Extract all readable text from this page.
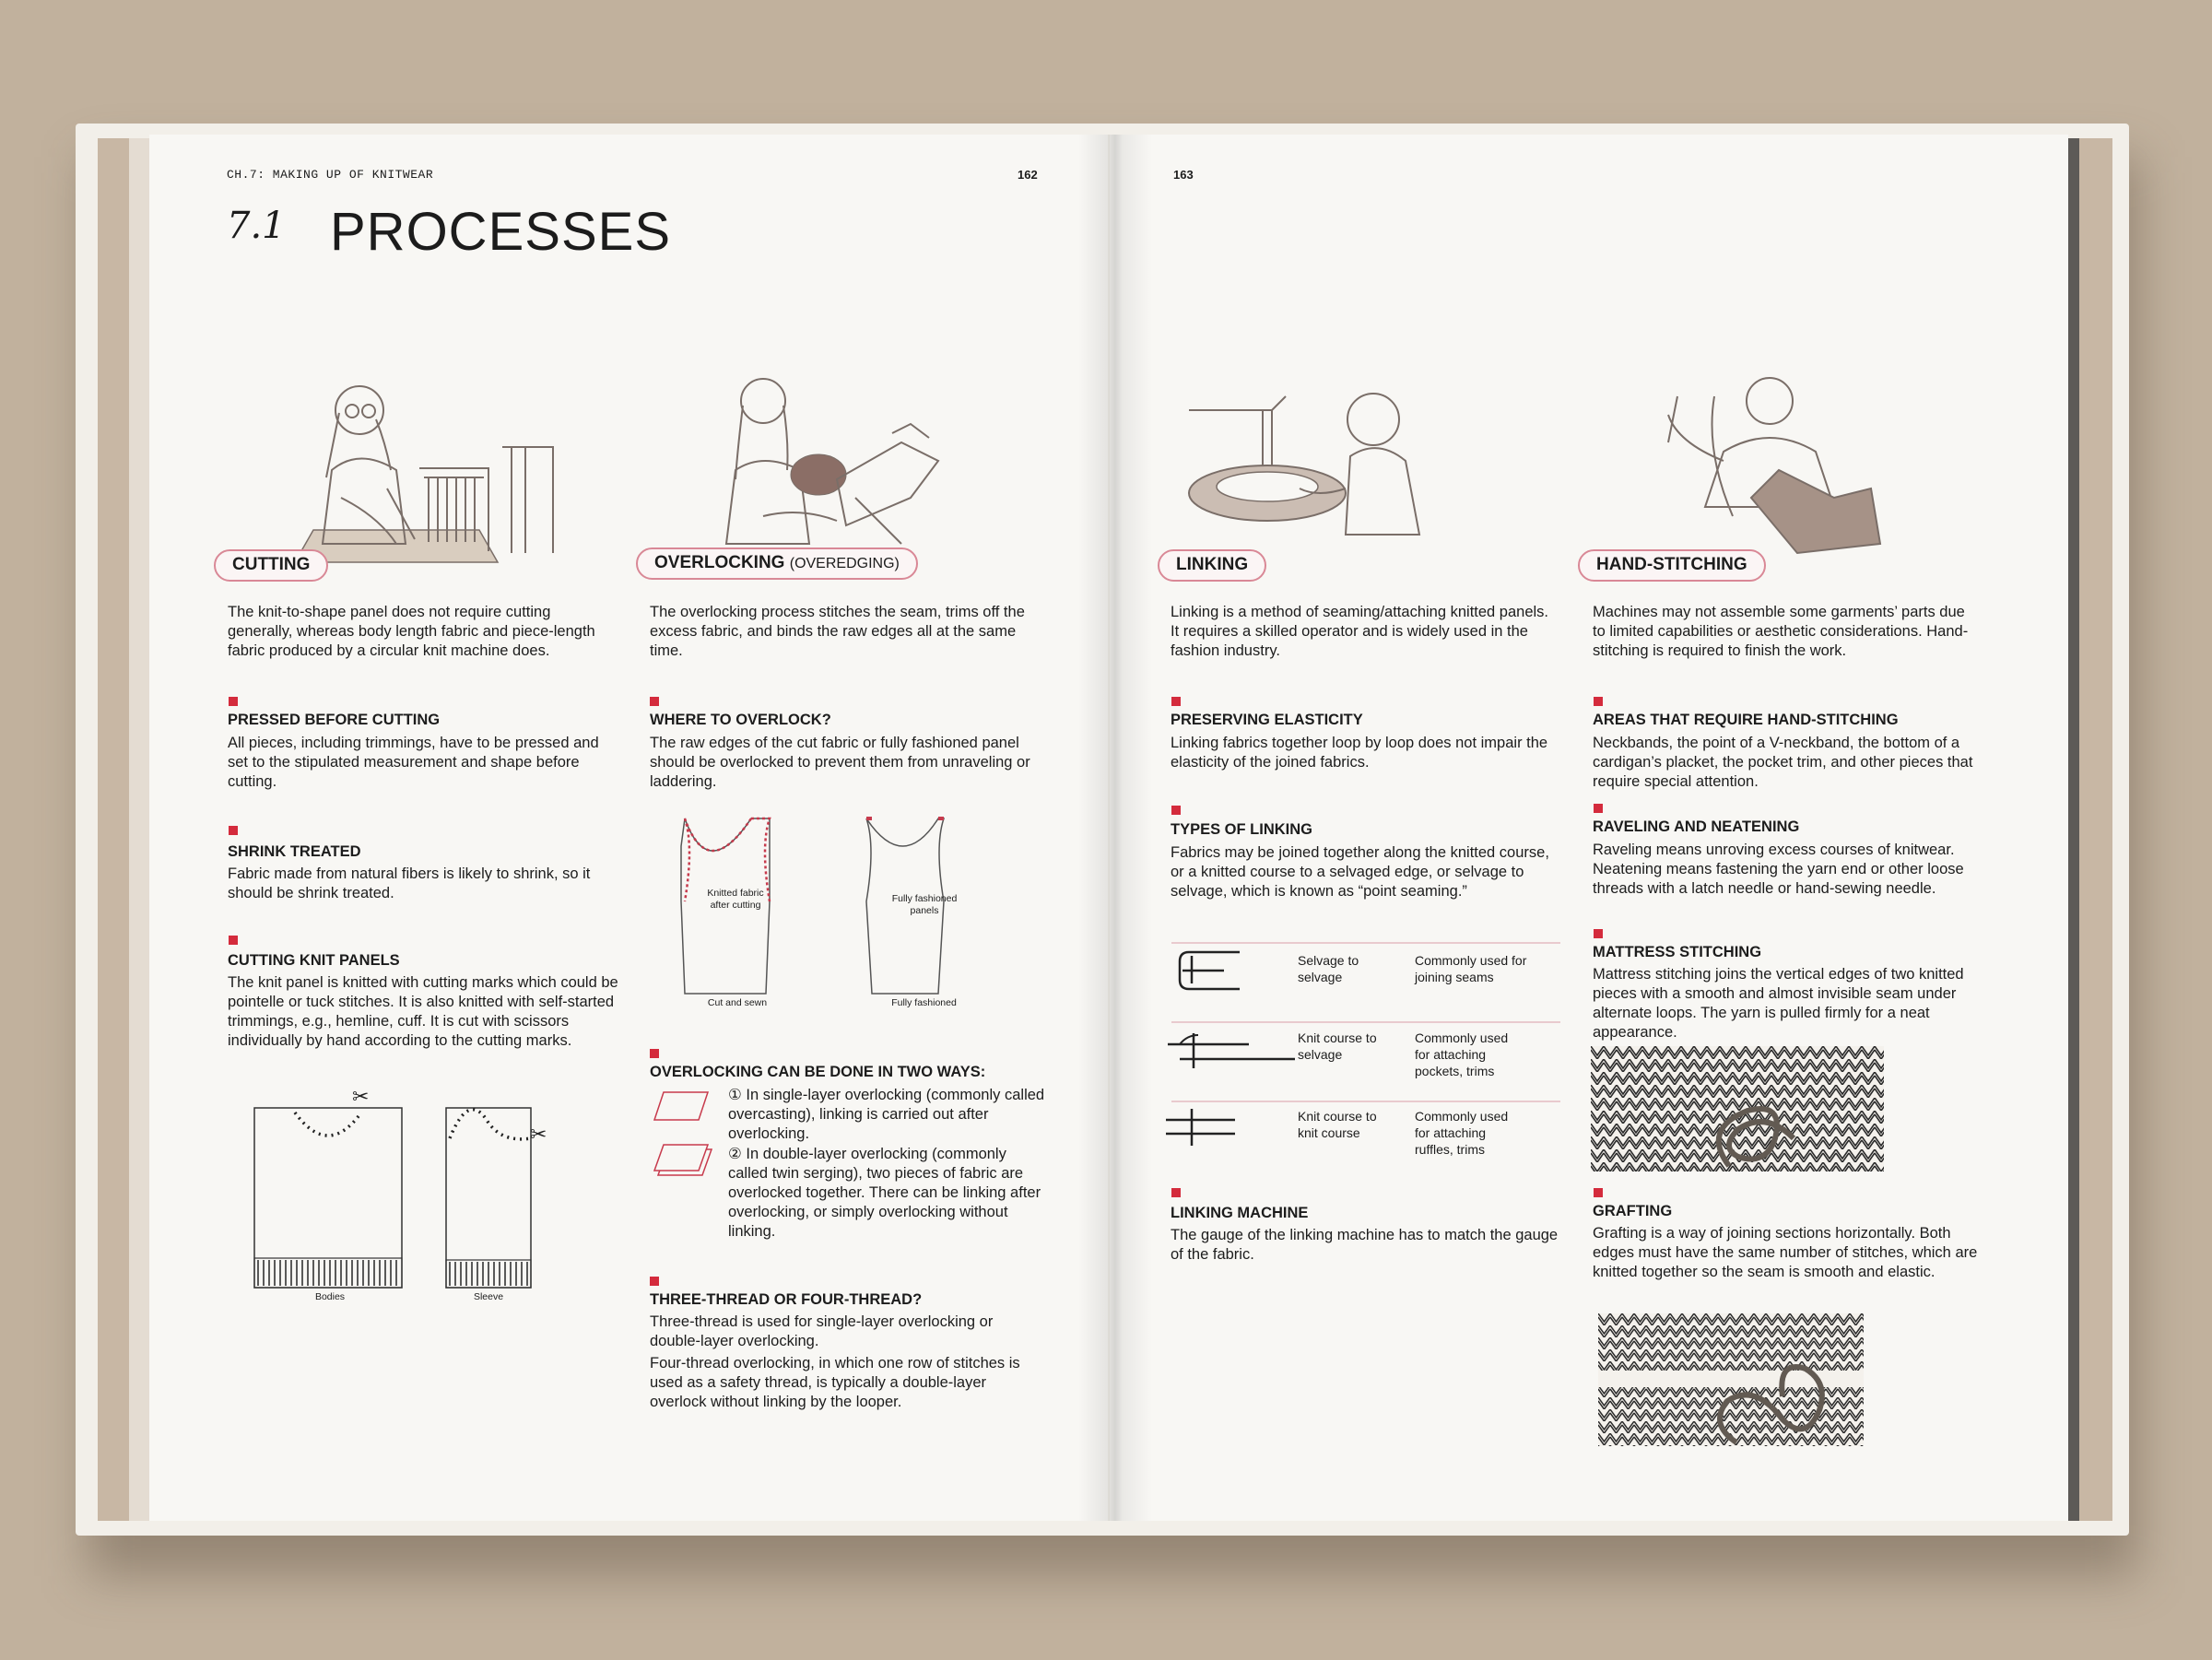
CH.7: MAKING UP OF KNITWEAR	162	163
7.1 PROCESSES
CUTTING	OVERLOCKING (OVEREDGING)	LINKING	HAND-STITCHING
The knit-to-shape panel does not require cutting generally, whereas body length fabric and piece-length fabric produced by a circular knit machine does.
PRESSED BEFORE CUTTING
All pieces, including trimmings, have to be pressed and set to the stipulated measurement and shape before cutting.
SHRINK TREATED
Fabric made from natural fibers is likely to shrink, so it should be shrink treated.
CUTTING KNIT PANELS
The knit panel is knitted with cutting marks which could be pointelle or tuck stitches. It is also knitted with self-started trimmings, e.g., hemline, cuff. It is cut with scissors individually by hand according to the cutting marks.
✂
✂
Bodies	Sleeve
The overlocking process stitches the seam, trims off the excess fabric, and binds the raw edges all at the same time.
WHERE TO OVERLOCK?
The raw edges of the cut fabric or fully fashioned panel should be overlocked to prevent them from unraveling or laddering.
Knitted fabric after cutting
Fully fashioned panels
Cut and sewn	Fully fashioned
OVERLOCKING CAN BE DONE IN TWO WAYS:
① In single-layer overlocking (commonly called overcasting), linking is carried out after overlocking.
② In double-layer overlocking (commonly called twin serging), two pieces of fabric are overlocked together. There can be linking after overlocking, or simply overlocking without linking.
THREE-THREAD OR FOUR-THREAD?
Three-thread is used for single-layer overlocking or double-layer overlocking.
Four-thread overlocking, in which one row of stitches is used as a safety thread, is typically a double-layer overlock without linking by the looper.
Linking is a method of seaming/attaching knitted panels. It requires a skilled operator and is widely used in the fashion industry.
PRESERVING ELASTICITY
Linking fabrics together loop by loop does not impair the elasticity of the joined fabrics.
TYPES OF LINKING
Fabrics may be joined together along the knitted course, or a knitted course to a selvaged edge, or selvage to selvage, which is known as “point seaming.”
Selvage to selvage
Commonly used for joining seams
Knit course to selvage
Commonly used for attaching pockets, trims
Knit course to knit course
Commonly used for attaching ruffles, trims
LINKING MACHINE
The gauge of the linking machine has to match the gauge of the fabric.
Machines may not assemble some garments’ parts due to limited capabilities or aesthetic considerations. Hand-stitching is required to finish the work.
AREAS THAT REQUIRE HAND-STITCHING
Neckbands, the point of a V-neckband, the bottom of a cardigan’s placket, the pocket trim, and other pieces that require special attention.
RAVELING AND NEATENING
Raveling means unroving excess courses of knitwear. Neatening means fastening the yarn end or other loose threads with a latch needle or hand-sewing needle.
MATTRESS STITCHING
Mattress stitching joins the vertical edges of two knitted pieces with a smooth and almost invisible seam under alternate loops. The yarn is pulled firmly for a neat appearance.
GRAFTING
Grafting is a way of joining sections horizontally. Both edges must have the same number of stitches, which are knitted together so the seam is smooth and elastic.
